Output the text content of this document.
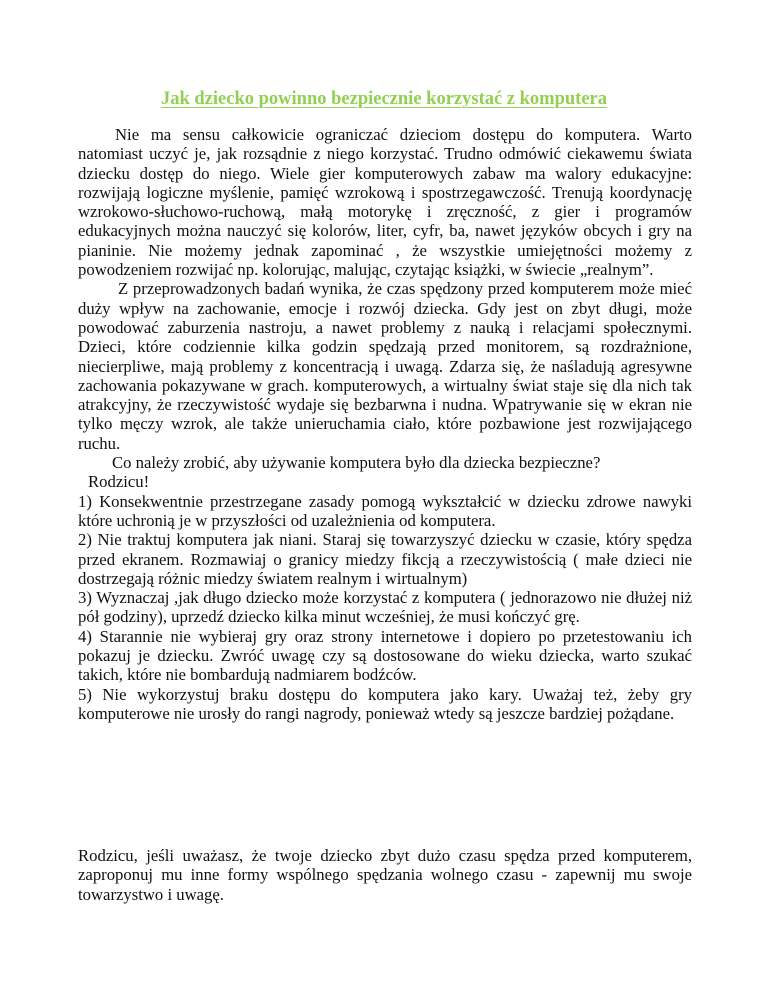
Jak dziecko powinno bezpiecznie korzystać z komputera

Nie ma sensu całkowicie ograniczać dzieciom dostępu do komputera. Warto natomiast uczyć je, jak rozsądnie z niego korzystać. Trudno odmówić ciekawemu świata dziecku dostęp do niego. Wiele gier komputerowych zabaw ma walory edukacyjne: rozwijają logiczne myślenie, pamięć wzrokową i spostrzegawczość. Trenują koordynację wzrokowo-słuchowo-ruchową, małą motorykę i zręczność, z gier i programów edukacyjnych można nauczyć się kolorów, liter, cyfr, ba, nawet języków obcych i gry na pianinie. Nie możemy jednak zapominać , że wszystkie umiejętności możemy z powodzeniem rozwijać np. kolorując, malując, czytając książki, w świecie „realnym”.

Z przeprowadzonych badań wynika, że czas spędzony przed komputerem może mieć duży wpływ na zachowanie, emocje i rozwój dziecka. Gdy jest on zbyt długi, może powodować zaburzenia nastroju, a nawet problemy z nauką i relacjami społecznymi. Dzieci, które codziennie kilka godzin spędzają przed monitorem, są rozdrażnione, niecierpliwe, mają problemy z koncentracją i uwagą. Zdarza się, że naśladują agresywne zachowania pokazywane w grach. komputerowych, a wirtualny świat staje się dla nich tak atrakcyjny, że rzeczywistość wydaje się bezbarwna i nudna. Wpatrywanie się w ekran nie tylko męczy wzrok, ale także unieruchamia ciało, które pozbawione jest rozwijającego ruchu.

Co należy zrobić, aby używanie komputera było dla dziecka bezpieczne?

Rodzicu!

1) Konsekwentnie przestrzegane zasady pomogą wykształcić w dziecku zdrowe nawyki które uchronią je w przyszłości od uzależnienia od komputera.

2) Nie traktuj komputera jak niani. Staraj się towarzyszyć dziecku w czasie, który spędza przed ekranem. Rozmawiaj o granicy miedzy fikcją a rzeczywistością ( małe dzieci nie dostrzegają różnic miedzy światem realnym i wirtualnym)

3) Wyznaczaj ,jak długo dziecko może korzystać z komputera ( jednorazowo nie dłużej niż pół godziny), uprzedź dziecko kilka minut wcześniej, że musi kończyć grę.

4) Starannie nie wybieraj gry oraz strony internetowe i dopiero po przetestowaniu ich pokazuj je dziecku. Zwróć uwagę czy są dostosowane do wieku dziecka, warto szukać takich, które nie bombardują nadmiarem bodźców.

5) Nie wykorzystuj braku dostępu do komputera jako kary. Uważaj też, żeby gry komputerowe nie urosły do rangi nagrody, ponieważ wtedy są jeszcze bardziej pożądane.

Rodzicu, jeśli uważasz, że twoje dziecko zbyt dużo czasu spędza przed komputerem, zaproponuj mu inne formy wspólnego spędzania wolnego czasu - zapewnij mu swoje towarzystwo i uwagę.
